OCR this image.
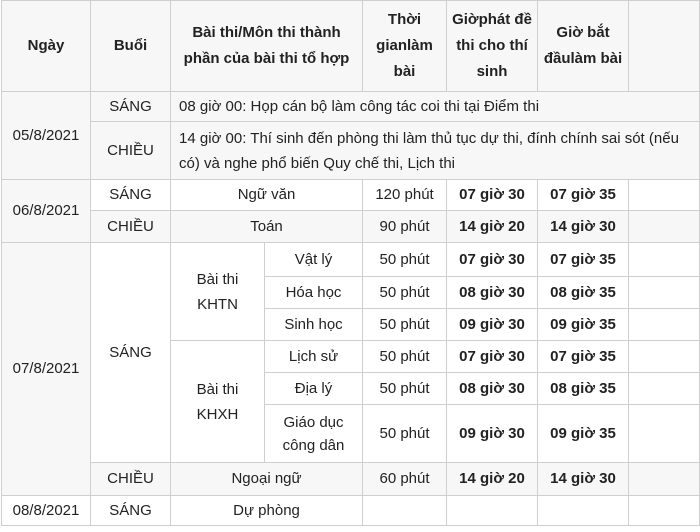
Ngày	Buổi	Bài thi/Môn thi thành phần của bài thi tổ hợp		Thời gianlàm bài	Giờphát đề thi cho thí sinh	Giờ bắt đầulàm bài	
05/8/2021	SÁNG	08 giờ 00: Họp cán bộ làm công tác coi thi tại Điểm thi					
	CHIỀU	14 giờ 00: Thí sinh đến phòng thi làm thủ tục dự thi, đính chính sai sót (nếu có) và nghe phổ biến Quy chế thi, Lịch thi					
06/8/2021	SÁNG	Ngữ văn		120 phút	07 giờ 30	07 giờ 35	
	CHIỀU	Toán		90 phút	14 giờ 20	14 giờ 30	
07/8/2021	SÁNG	Bài thi KHTN	Vật lý	50 phút	07 giờ 30	07 giờ 35	
			Hóa học	50 phút	08 giờ 30	08 giờ 35	
			Sinh học	50 phút	09 giờ 30	09 giờ 35	
		Bài thi KHXH	Lịch sử	50 phút	07 giờ 30	07 giờ 35	
			Địa lý	50 phút	08 giờ 30	08 giờ 35	
			Giáo dục công dân	50 phút	09 giờ 30	09 giờ 35	
	CHIỀU	Ngoại ngữ		60 phút	14 giờ 20	14 giờ 30	
08/8/2021	SÁNG	Dự phòng					
